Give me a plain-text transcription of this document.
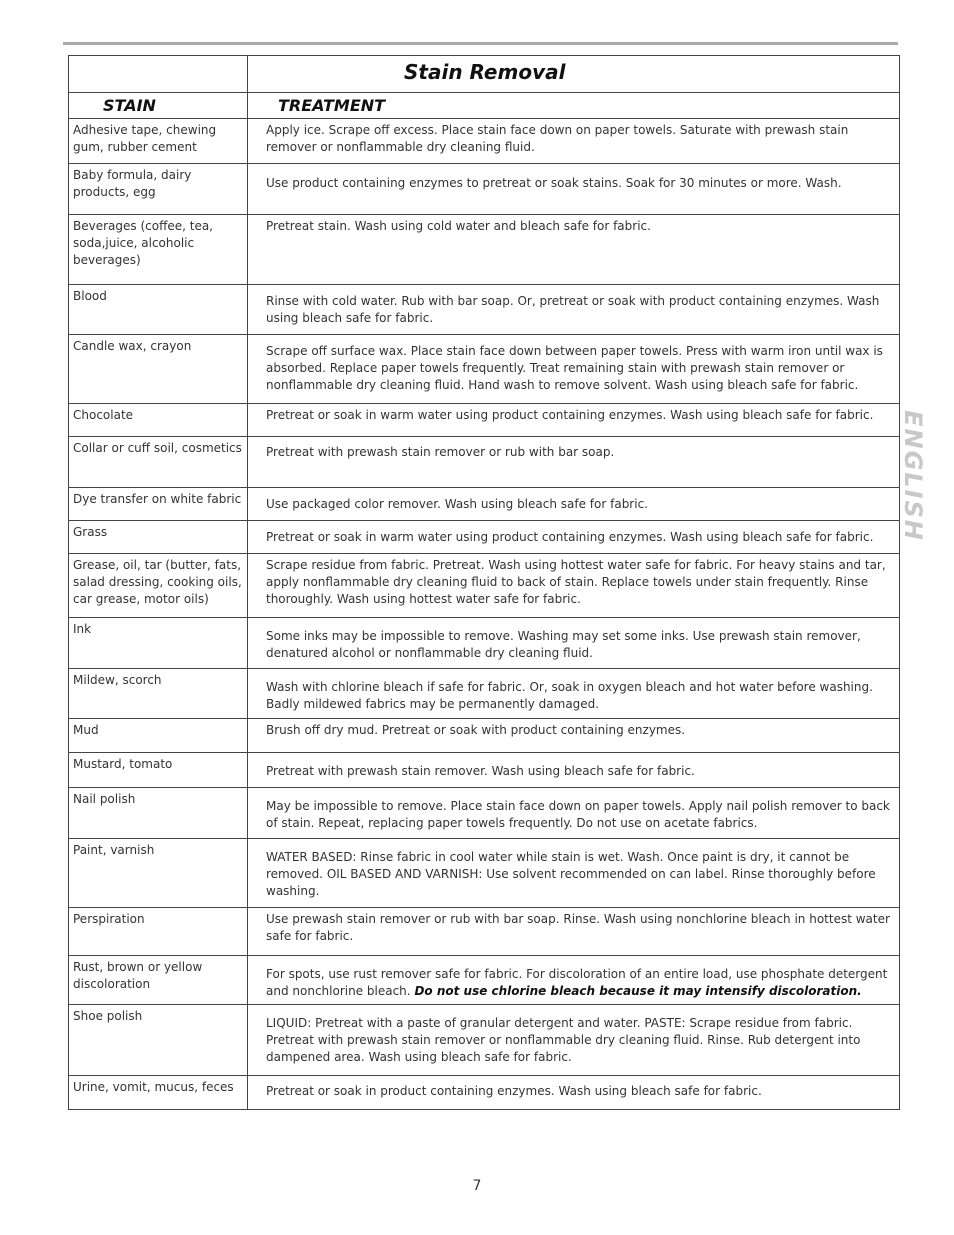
	Stain Removal
STAIN	TREATMENT
Adhesive tape, chewing gum, rubber cement	Apply ice. Scrape off excess. Place stain face down on paper towels. Saturate with prewash stain remover or nonflammable dry cleaning fluid.
Baby formula, dairy products, egg	Use product containing enzymes to pretreat or soak stains. Soak for 30 minutes or more. Wash.
Beverages (coffee, tea, soda,juice, alcoholic beverages)	Pretreat stain. Wash using cold water and bleach safe for fabric.
Blood	Rinse with cold water. Rub with bar soap. Or, pretreat or soak with product containing enzymes. Wash using bleach safe for fabric.
Candle wax, crayon	Scrape off surface wax. Place stain face down between paper towels. Press with warm iron until wax is absorbed. Replace paper towels frequently. Treat remaining stain with prewash stain remover or nonflammable dry cleaning fluid. Hand wash to remove solvent. Wash using bleach safe for fabric.
Chocolate	Pretreat or soak in warm water using product containing enzymes. Wash using bleach safe for fabric.
Collar or cuff soil, cosmetics	Pretreat with prewash stain remover or rub with bar soap.
Dye transfer on white fabric	Use packaged color remover. Wash using bleach safe for fabric.
Grass	Pretreat or soak in warm water using product containing enzymes. Wash using bleach safe for fabric.
Grease, oil, tar (butter, fats, salad dressing, cooking oils, car grease, motor oils)	Scrape residue from fabric. Pretreat. Wash using hottest water safe for fabric. For heavy stains and tar, apply nonflammable dry cleaning fluid to back of stain. Replace towels under stain frequently. Rinse thoroughly. Wash using hottest water safe for fabric.
Ink	Some inks may be impossible to remove. Washing may set some inks. Use prewash stain remover, denatured alcohol or nonflammable dry cleaning fluid.
Mildew, scorch	Wash with chlorine bleach if safe for fabric. Or, soak in oxygen bleach and hot water before washing. Badly mildewed fabrics may be permanently damaged.
Mud	Brush off dry mud. Pretreat or soak with product containing enzymes.
Mustard, tomato	Pretreat with prewash stain remover. Wash using bleach safe for fabric.
Nail polish	May be impossible to remove. Place stain face down on paper towels. Apply nail polish remover to back of stain. Repeat, replacing paper towels frequently. Do not use on acetate fabrics.
Paint, varnish	WATER BASED: Rinse fabric in cool water while stain is wet. Wash. Once paint is dry, it cannot be removed. OIL BASED AND VARNISH: Use solvent recommended on can label. Rinse thoroughly before washing.
Perspiration	Use prewash stain remover or rub with bar soap. Rinse. Wash using nonchlorine bleach in hottest water safe for fabric.
Rust, brown or yellow discoloration	For spots, use rust remover safe for fabric. For discoloration of an entire load, use phosphate detergent and nonchlorine bleach. Do not use chlorine bleach because it may intensify discoloration.
Shoe polish	LIQUID: Pretreat with a paste of granular detergent and water. PASTE: Scrape residue from fabric. Pretreat with prewash stain remover or nonflammable dry cleaning fluid. Rinse. Rub detergent into dampened area. Wash using bleach safe for fabric.
Urine, vomit, mucus, feces	Pretreat or soak in product containing enzymes. Wash using bleach safe for fabric.
ENGLISH
7
